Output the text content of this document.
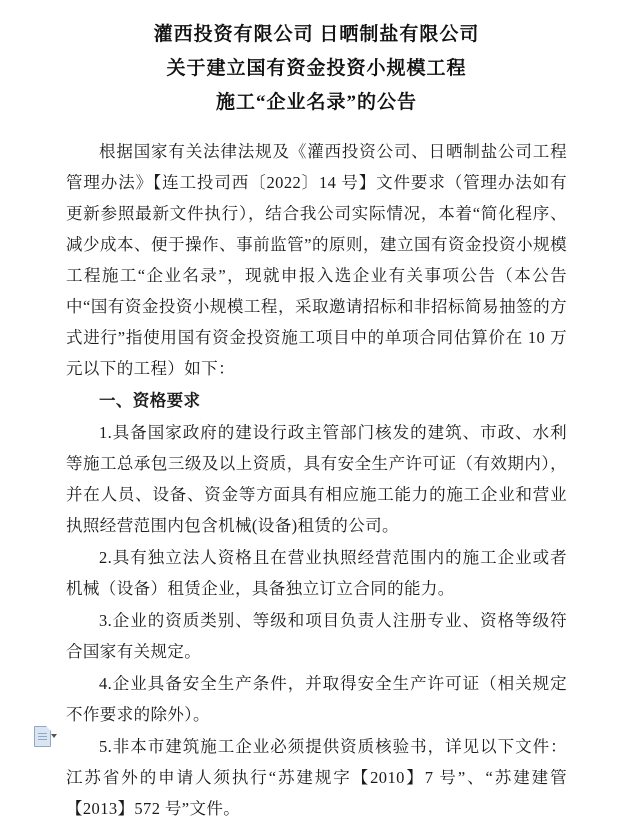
灌西投资有限公司 日晒制盐有限公司
关于建立国有资金投资小规模工程
施工“企业名录”的公告

根据国家有关法律法规及《灌西投资公司、日晒制盐公司工程管理办法》【连工投司西〔2022〕14 号】文件要求（管理办法如有更新参照最新文件执行），结合我公司实际情况，本着“简化程序、减少成本、便于操作、事前监管”的原则，建立国有资金投资小规模工程施工“企业名录”，现就申报入选企业有关事项公告（本公告中“国有资金投资小规模工程，采取邀请招标和非招标简易抽签的方式进行”指使用国有资金投资施工项目中的单项合同估算价在 10 万元以下的工程）如下：

一、资格要求

1.具备国家政府的建设行政主管部门核发的建筑、市政、水利等施工总承包三级及以上资质，具有安全生产许可证（有效期内），并在人员、设备、资金等方面具有相应施工能力的施工企业和营业执照经营范围内包含机械(设备)租赁的公司。

2.具有独立法人资格且在营业执照经营范围内的施工企业或者机械（设备）租赁企业，具备独立订立合同的能力。

3.企业的资质类别、等级和项目负责人注册专业、资格等级符合国家有关规定。

4.企业具备安全生产条件，并取得安全生产许可证（相关规定不作要求的除外）。

5.非本市建筑施工企业必须提供资质核验书，详见以下文件：江苏省外的申请人须执行“苏建规字【2010】7 号”、“苏建建管【2013】572 号”文件。
